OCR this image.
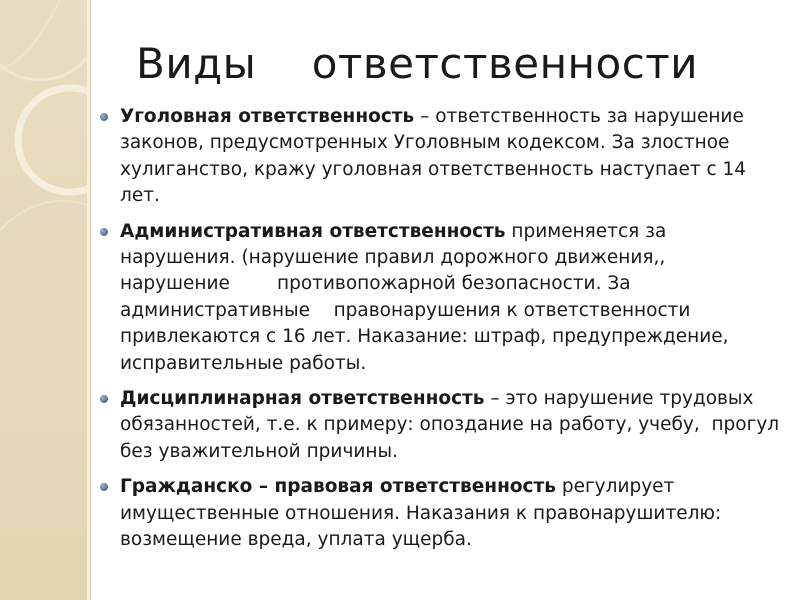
Виды    ответственности
Уголовная ответственность – ответственность за нарушение законов, предусмотренных Уголовным кодексом. За злостное хулиганство, кражу уголовная ответственность наступает с 14 лет.
Административная ответственность применяется за нарушения. (нарушение правил дорожного движения,, нарушение        противопожарной безопасности. За административные    правонарушения к ответственности привлекаются с 16 лет. Наказание: штраф, предупреждение, исправительные работы.
Дисциплинарная ответственность – это нарушение трудовых обязанностей, т.е. к примеру: опоздание на работу, учебу,  прогул без уважительной причины.
Гражданско – правовая ответственность регулирует имущественные отношения. Наказания к правонарушителю: возмещение вреда, уплата ущерба.
